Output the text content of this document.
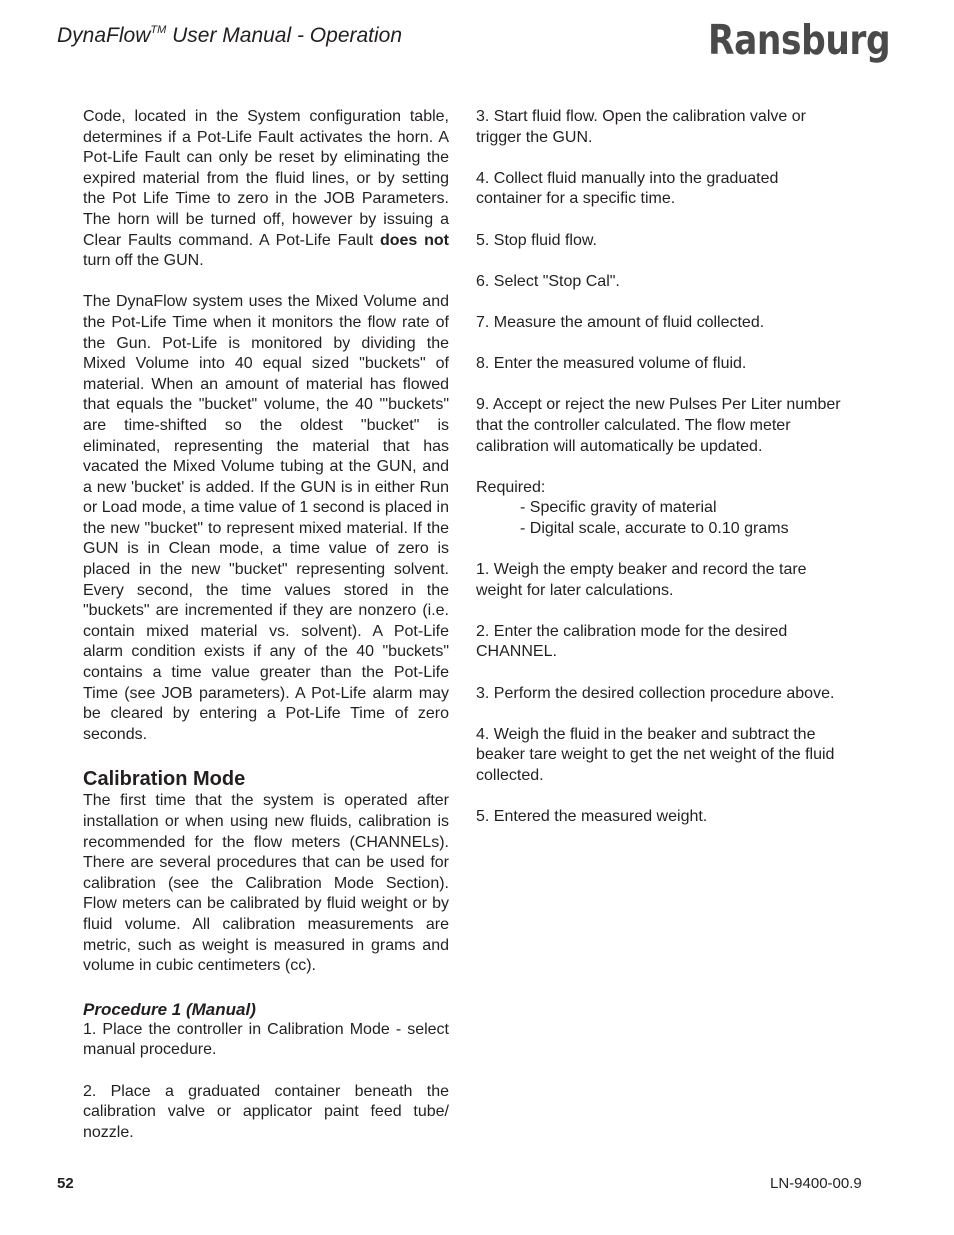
DynaFlow™ User Manual - Operation	Ransburg

Code, located in the System configuration table, determines if a Pot-Life Fault activates the horn. A Pot-Life Fault can only be reset by eliminating the expired material from the fluid lines, or by setting the Pot Life Time to zero in the JOB Parameters. The horn will be turned off, however by issuing a Clear Faults command. A Pot-Life Fault does not turn off the GUN.

The DynaFlow system uses the Mixed Volume and the Pot-Life Time when it monitors the flow rate of the Gun. Pot-Life is monitored by dividing the Mixed Volume into 40 equal sized "buckets" of material. When an amount of material has flowed that equals the "bucket" volume, the 40 "'buckets" are time-shifted so the oldest "bucket" is eliminated, representing the material that has vacated the Mixed Volume tubing at the GUN, and a new 'bucket' is added. If the GUN is in either Run or Load mode, a time value of 1 second is placed in the new "bucket" to represent mixed material. If the GUN is in Clean mode, a time value of zero is placed in the new "bucket" representing solvent. Every second, the time values stored in the "buckets" are incremented if they are nonzero (i.e. contain mixed material vs. solvent). A Pot-Life alarm condition exists if any of the 40 "buckets" contains a time value greater than the Pot-Life Time (see JOB parameters). A Pot-Life alarm may be cleared by entering a Pot-Life Time of zero seconds.

Calibration Mode

The first time that the system is operated after installation or when using new fluids, calibration is recommended for the flow meters (CHANNELs). There are several procedures that can be used for calibration (see the Calibration Mode Section). Flow meters can be calibrated by fluid weight or by fluid volume. All calibration measurements are metric, such as weight is measured in grams and volume in cubic centimeters (cc).

Procedure 1 (Manual)

1. Place the controller in Calibration Mode - select manual procedure.

2. Place a graduated container beneath the calibration valve or applicator paint feed tube/ nozzle.

3. Start fluid flow. Open the calibration valve or trigger the GUN.

4. Collect fluid manually into the graduated container for a specific time.

5. Stop fluid flow.

6. Select "Stop Cal".

7. Measure the amount of fluid collected.

8. Enter the measured volume of fluid.

9. Accept or reject the new Pulses Per Liter number that the controller calculated. The flow meter calibration will automatically be updated.

Required:

- Specific gravity of material

- Digital scale, accurate to 0.10 grams

1. Weigh the empty beaker and record the tare weight for later calculations.

2. Enter the calibration mode for the desired CHANNEL.

3. Perform the desired collection procedure above.

4. Weigh the fluid in the beaker and subtract the beaker tare weight to get the net weight of the fluid collected.

5. Entered the measured weight.

52	LN-9400-00.9
